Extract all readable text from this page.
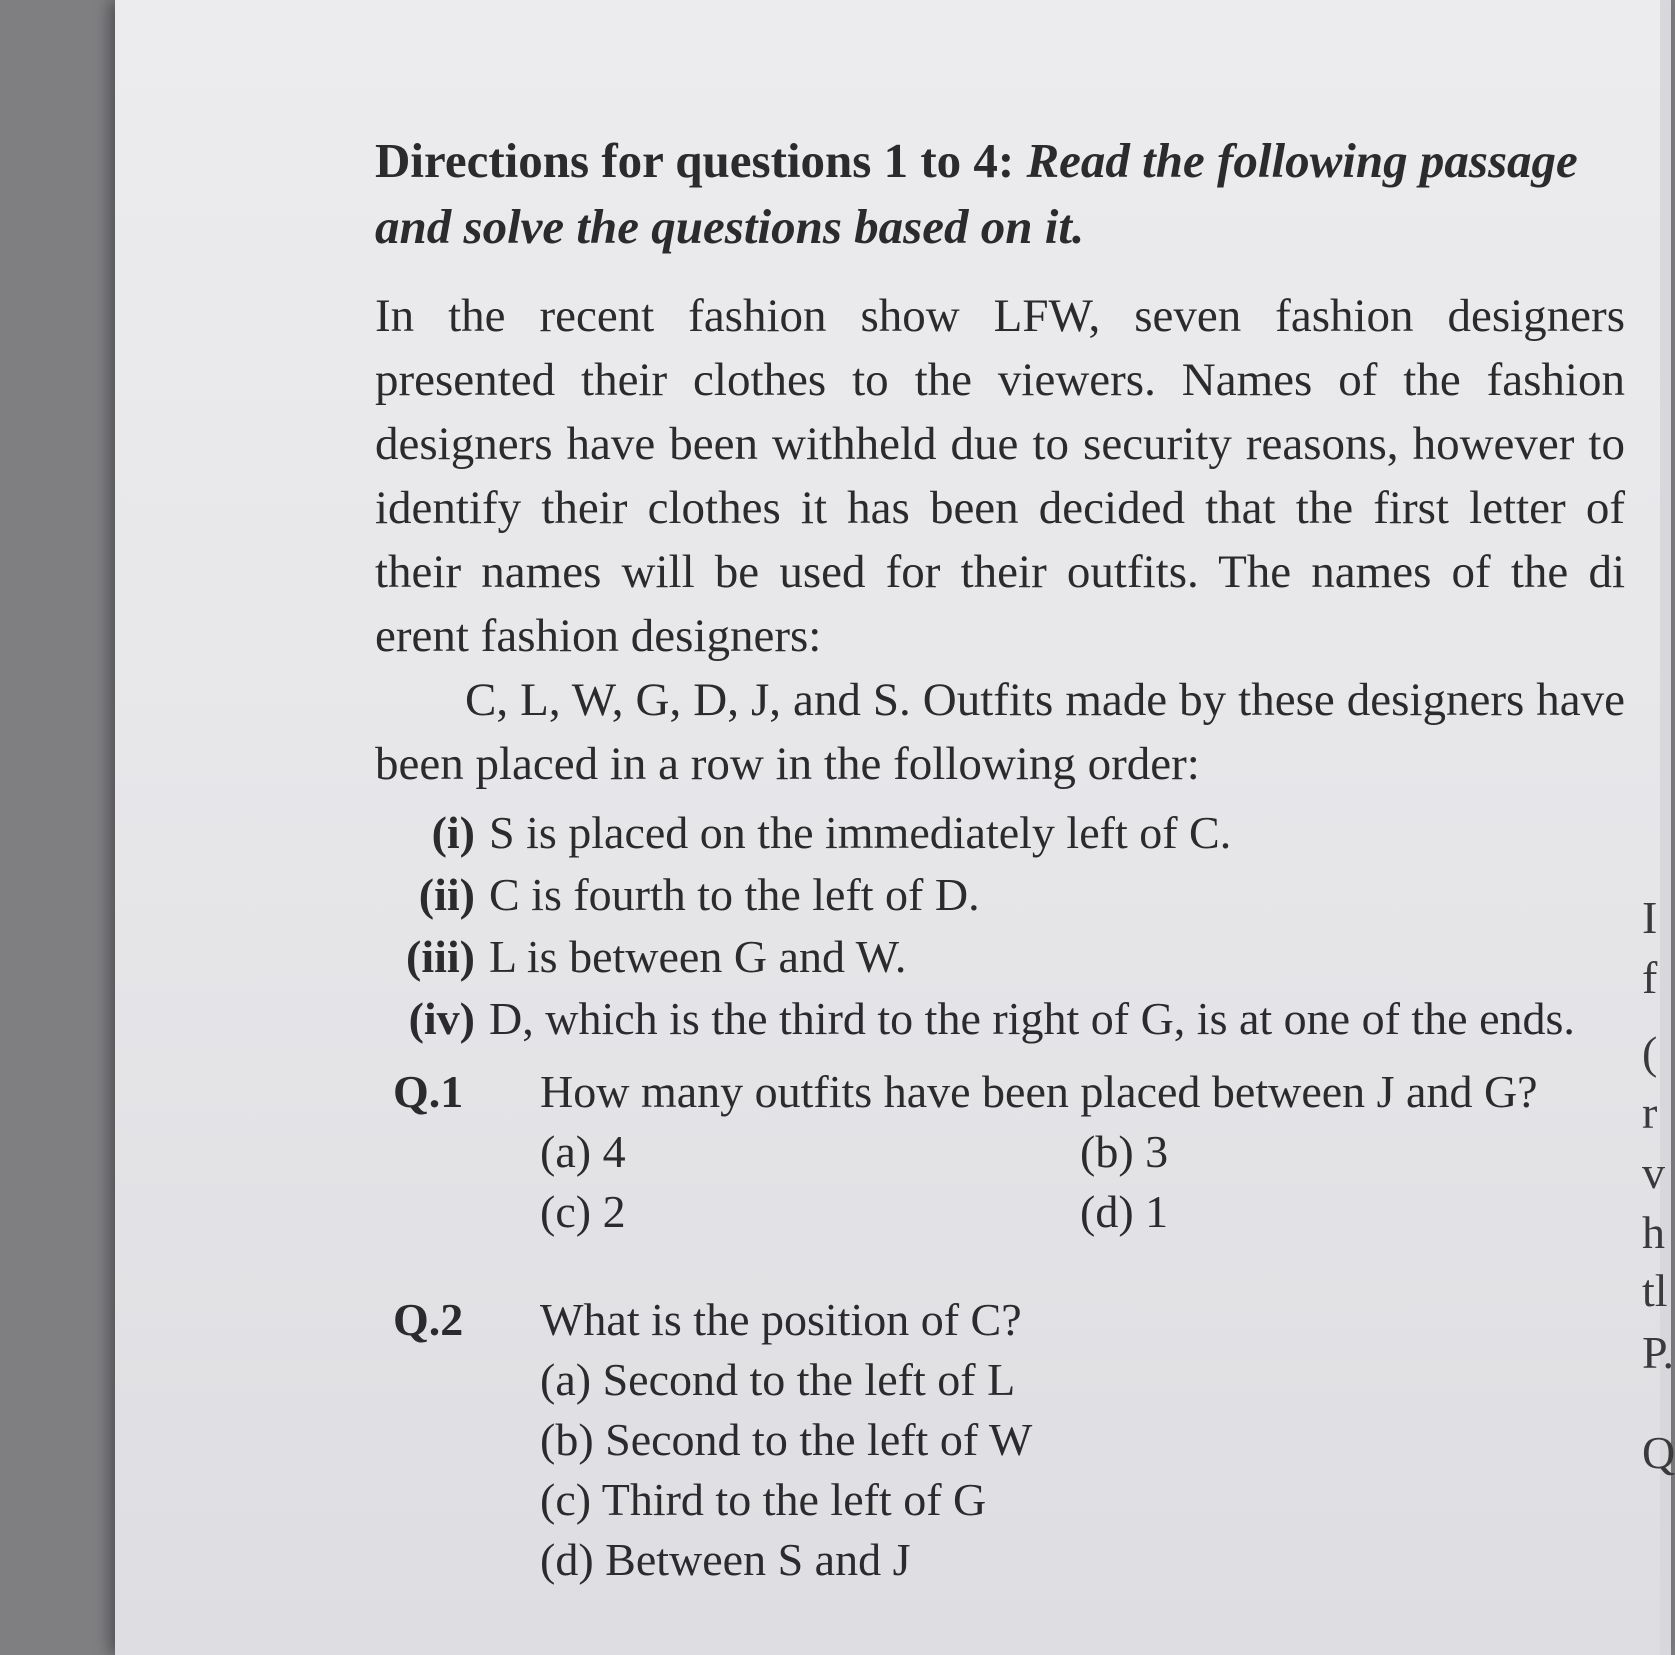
Directions for questions 1 to 4: Read the following passage and solve the questions based on it.

In the recent fashion show LFW, seven fashion designers presented their clothes to the viewers. Names of the fashion designers have been withheld due to security reasons, however to identify their clothes it has been decided that the first letter of their names will be used for their outfits. The names of the di erent fashion designers:

C, L, W, G, D, J, and S. Outfits made by these designers have been placed in a row in the following order:

(i) S is placed on the immediately left of C.
(ii) C is fourth to the left of D.
(iii) L is between G and W.
(iv) D, which is the third to the right of G, is at one of the ends.
Q.1	How many outfits have been placed between J and G?
(a) 4	(b) 3
(c) 2	(d) 1
Q.2	What is the position of C?
(a) Second to the left of L
(b) Second to the left of W
(c) Third to the left of G
(d) Between S and J
I
f
(
r
v
h
tl
P.
Q
